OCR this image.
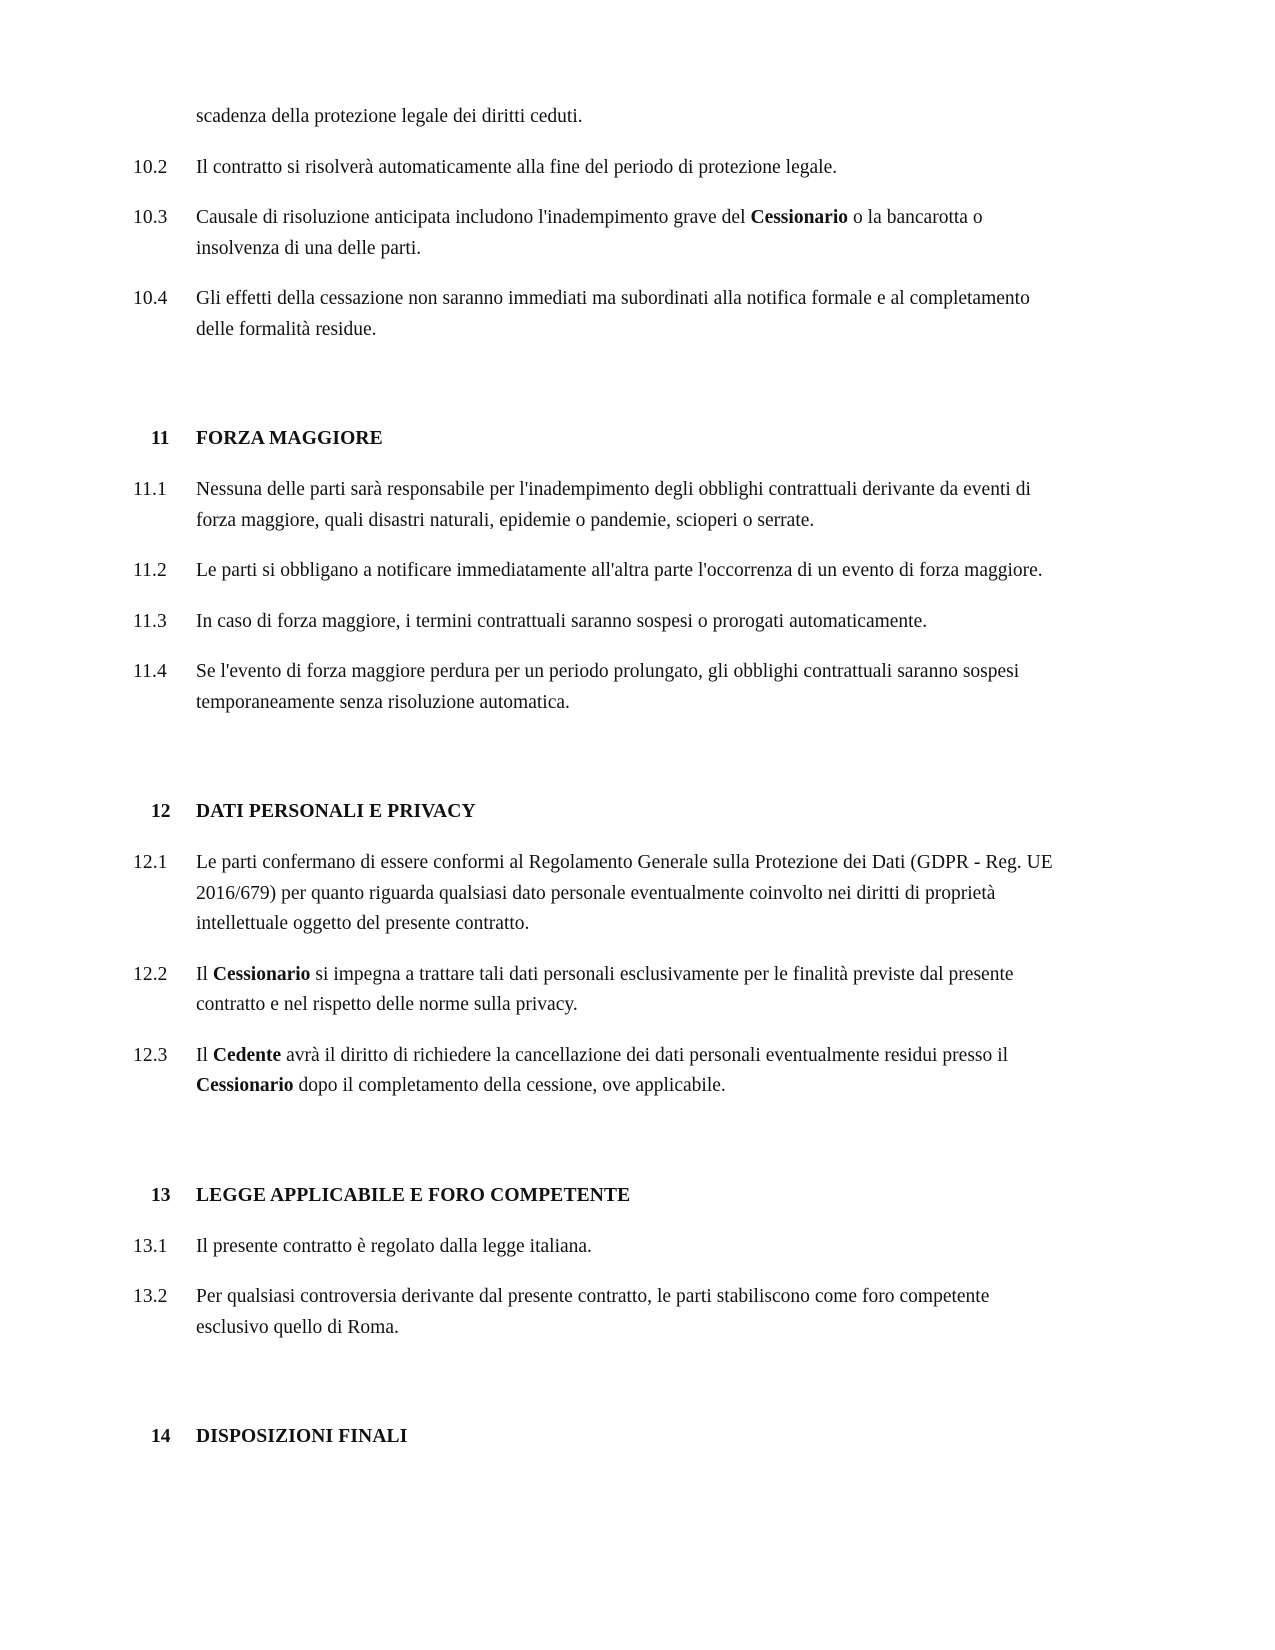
scadenza della protezione legale dei diritti ceduti.
10.2	Il contratto si risolverà automaticamente alla fine del periodo di protezione legale.
10.3	Causale di risoluzione anticipata includono l'inadempimento grave del Cessionario o la bancarotta o insolvenza di una delle parti.
10.4	Gli effetti della cessazione non saranno immediati ma subordinati alla notifica formale e al completamento delle formalità residue.
11	FORZA MAGGIORE
11.1	Nessuna delle parti sarà responsabile per l'inadempimento degli obblighi contrattuali derivante da eventi di forza maggiore, quali disastri naturali, epidemie o pandemie, scioperi o serrate.
11.2	Le parti si obbligano a notificare immediatamente all'altra parte l'occorrenza di un evento di forza maggiore.
11.3	In caso di forza maggiore, i termini contrattuali saranno sospesi o prorogati automaticamente.
11.4	Se l'evento di forza maggiore perdura per un periodo prolungato, gli obblighi contrattuali saranno sospesi temporaneamente senza risoluzione automatica.
12	DATI PERSONALI E PRIVACY
12.1	Le parti confermano di essere conformi al Regolamento Generale sulla Protezione dei Dati (GDPR - Reg. UE 2016/679) per quanto riguarda qualsiasi dato personale eventualmente coinvolto nei diritti di proprietà intellettuale oggetto del presente contratto.
12.2	Il Cessionario si impegna a trattare tali dati personali esclusivamente per le finalità previste dal presente contratto e nel rispetto delle norme sulla privacy.
12.3	Il Cedente avrà il diritto di richiedere la cancellazione dei dati personali eventualmente residui presso il Cessionario dopo il completamento della cessione, ove applicabile.
13	LEGGE APPLICABILE E FORO COMPETENTE
13.1	Il presente contratto è regolato dalla legge italiana.
13.2	Per qualsiasi controversia derivante dal presente contratto, le parti stabiliscono come foro competente esclusivo quello di Roma.
14	DISPOSIZIONI FINALI
